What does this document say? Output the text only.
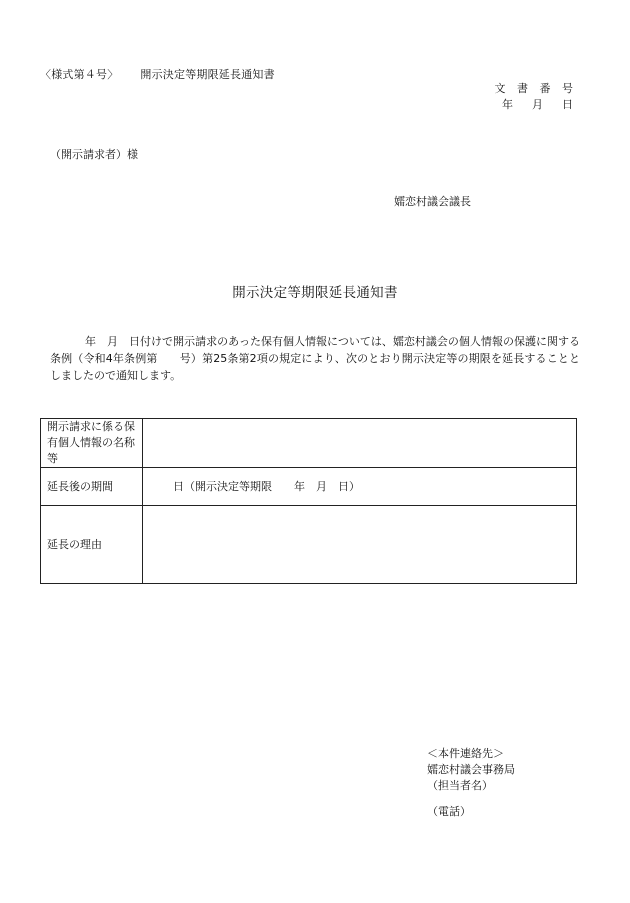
〈様式第４号〉 開示決定等期限延長通知書
文 書 番 号
年　月　日
（開示請求者）様
嬬恋村議会議長
開示決定等期限延長通知書
年　月　日付けで開示請求のあった保有個人情報については、嬬恋村議会の個人情報の保護に関する条例（令和4年条例第　　号）第25条第2項の規定により、次のとおり開示決定等の期限を延長することとしましたので通知します。
開示請求に係る保有個人情報の名称等	
延長後の期間	日（開示決定等期限　　年　月　日）
延長の理由	
＜本件連絡先＞
嬬恋村議会事務局
（担当者名）
（電話）
